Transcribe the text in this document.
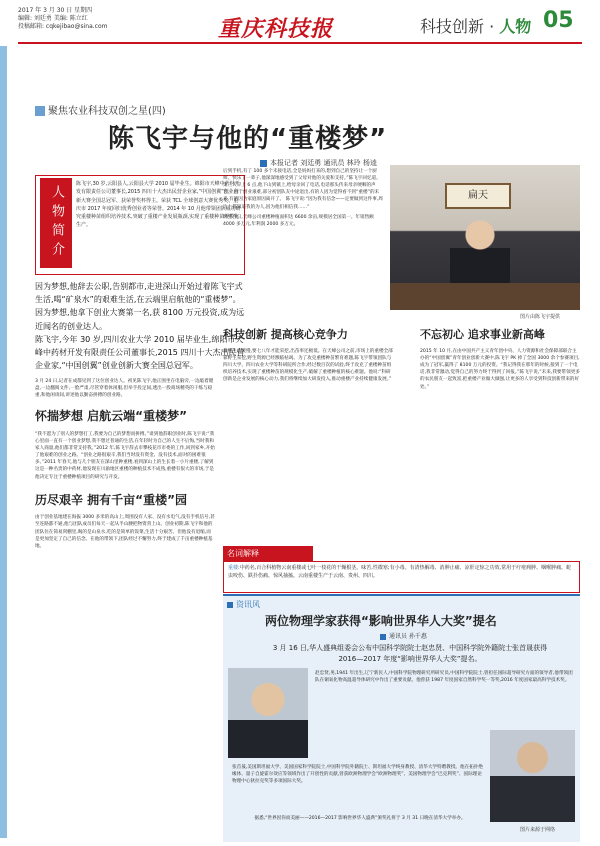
2017 年 3 月 30 日 星期四
编辑: 刘廷勇 美编: 陈立红
投稿邮箱: cqkejibao@sina.com	重庆科技报	科技创新 · 人物 05
聚焦农业科技双创之星(四)
陈飞宇与他的“重楼梦”
本报记者 刘廷勇 通讯员 林玲 杨逵
人物简介
陈飞宇,30 岁,云阳县人,云阳县大学 2010 届毕业生。绵阳市天峰中药材开发有限责任公司董事长,2015 四川十大杰出民营企业家,“中国创翼”创业创新大赛全国总冠军、获荣誉奖杯得主。荣获 TCL 全球创意大赛优秀奖、重庆市 2017 年度回归优秀创业者等荣誉。2014 年 10 月他带领团队成功研究重楼种苗组织培养技术,突破了重楼产业发展瓶颈,实现了重楼种苗规模化生产。

因为梦想,他辞去公职,告别都市,走进深山开始过着陈飞宇式生活,喝“矿泉水”的艰难生活,在云端里启航他的“重楼梦”。

因为梦想,他拿下创业大赛第一名,获 8100 万元投资,成为远近闻名的创业达人。

陈飞宇,今年 30 岁,四川农业大学 2010 届毕业生,绵阳市天峰中药材开发有限责任公司董事长,2015 四川十大杰出民营企业家,“中国创翼”创业创新大赛全国总冠军。

3 月 24 日,记者在成都见到了这位创业达人。初见陈飞宇,他正围坐在电脑旁,一边敲着键盘,一边翻阅文件,一脸严肃,尽管穿着休闲服,但举手投足间,透出一股商场精英的干练与稳重,和他闲谈间,讲述他以勤奋拼搏的创业路。

怀揣梦想 启航云端“重楼梦”

“我不愿为了别人的梦想打工,我要为自己的梦想而拼搏。”谈到他辞职创业时,陈飞宇说:“我心里面一直有一个创业梦想,我不想过普通的生活,在年轻时为自己的人生不后悔,当时我和家人商量,他们都非常支持我。”2012 年,陈飞宇辞去市攀枝花市市委的工作,回到家乡,开始了他艰难的创业之路。“创业之路很艰辛,我们当时没有资金、没有技术,面对的困难很多。”2011 年春天,他与几个朋友在深山里种重楼,看到深山上的生长着一小片重楼,了解到这是一种名贵的中药材,他发现在川渝地区重楼的种植技术不成熟,重楼有很大的市场,于是他决定专注于重楼种植项目的研究与开发。

历尽艰辛 拥有千亩“重楼”园

由于创业基地建在海拔 3000 多米的高山上,周围没有人家、没有水电气,没有手机信号,甚至连路都不通,他与团队成员们每天一起从半山腰把物资背上山。创业初期,陈飞宇和他的团队住在简易窝棚里,喝的是山泉水,吃的是简单的饭菜,生活十分艰苦。但他没有退缩,而是更加坚定了自己的信念。在他的带领下,团队经过不懈努力,终于建成了千亩重楼种植基地。

后到手机,有了 100 多个未接电话,全是妈妈打来的,想到自己的坚持让一个厨师、快乐了一辈子,他深深地感受到了父母对他的关爱和支持。”陈飞宇回忆道。 第三天早上 6 点,他下山到镇上,给母亲回了电话,电话那头传来母亲哽咽的声音。 由于创业艰难,部分初创队友中途退出,有的人因为觉得看不到“重楼”的未来,有的因为家庭原因离开了。 陈飞宇说:“因为我有信念——定要做到这件事,周边上都知道我的为人,因为他们相信我……”

时至今日,天峰公司重楼种植面积达 6600 余亩,规模居全国第一。年销售额 4000 多万元,年利润 2000 多万元。

扁天
图片由陈飞宇提供
科技创新 提高核心竞争力

重楼生长缓慢,要七八年才能采挖,出苗率还极低。在天峰公司之前,市场上的重楼全部靠野生采挖,野生资源已经濒临枯竭。为了攻克重楼种苗繁育难题,陈飞宇带领团队与四川大学、四川农业大学等科研院所合作,经过数百次的试验,终于攻克了重楼种苗组织培养技术,实现了重楼种苗的规模化生产,破解了重楼种植的核心难题。他说:“科研创新是企业发展的核心动力,我们将继续加大研发投入,推动重楼产业持续健康发展。”

不忘初心 追求事业新高峰

2015 年 10 月,在由中国共产主义青年团中央、人力资源和社会保障部联合主办的“中国创翼”青年创业创新大赛中,陈飞宇 PK 掉了全国 3000 余个参赛项目,成为了冠军,赢得了 8100 万元的投资。“我记得我在那年的时候,接到了一个电话,我非常激动,觉得自己的努力终于得到了回报。”陈飞宇说,“未来,我要带领更多的农民朋友一起致富,把重楼产业做大做强,让更多的人享受到科技创新带来的好处。”

名词解释
重楼:中药名,百合科植物云南重楼或七叶一枝花的干燥根茎。味苦,性微寒;有小毒。有清热解毒、消肿止痛、凉肝定惊之功效,常用于疔疮痈肿、咽喉肿痛、蛇虫咬伤、跌扑伤痛、惊风抽搐。云南重楼生产于云南、贵州、四川。
资讯风
两位物理学家获得“影响世界华人大奖”提名
通讯员 孙千惠
3 月 16 日,华人盛典组委会公布中国科学院院士赵忠贤、中国科学院外籍院士张首晟获得 2016—2017 年度“影响世界华人大奖”提名。
赵忠贤,男,1941 年出生,辽宁新民人,中国科学院物理研究所研究员,中国科学院院士,曾担任国际超导研究方面的领导者,他带领团队在铜氧化物高温超导体研究中作出了重要贡献。他曾获 1987 年度国家自然科学奖一等奖,2016 年度国家最高科学技术奖。
张首晟,美国斯坦福大学、美国国家科学院院士,中国科学院外籍院士、斯坦福大学终身教授、清华大学特聘教授。他在拓扑绝缘体、量子自旋霍尔效应等领域作出了开创性的贡献,曾获欧洲物理学会“欧洲物理奖”、美国物理学会“巴克利奖”、国际理论物理中心狄拉克奖等多项国际大奖。
据悉,“世界因你而美丽——2016—2017 影响世界华人盛典”颁奖礼将于 3 月 31 日晚在清华大学举办。
图片来源于网络
